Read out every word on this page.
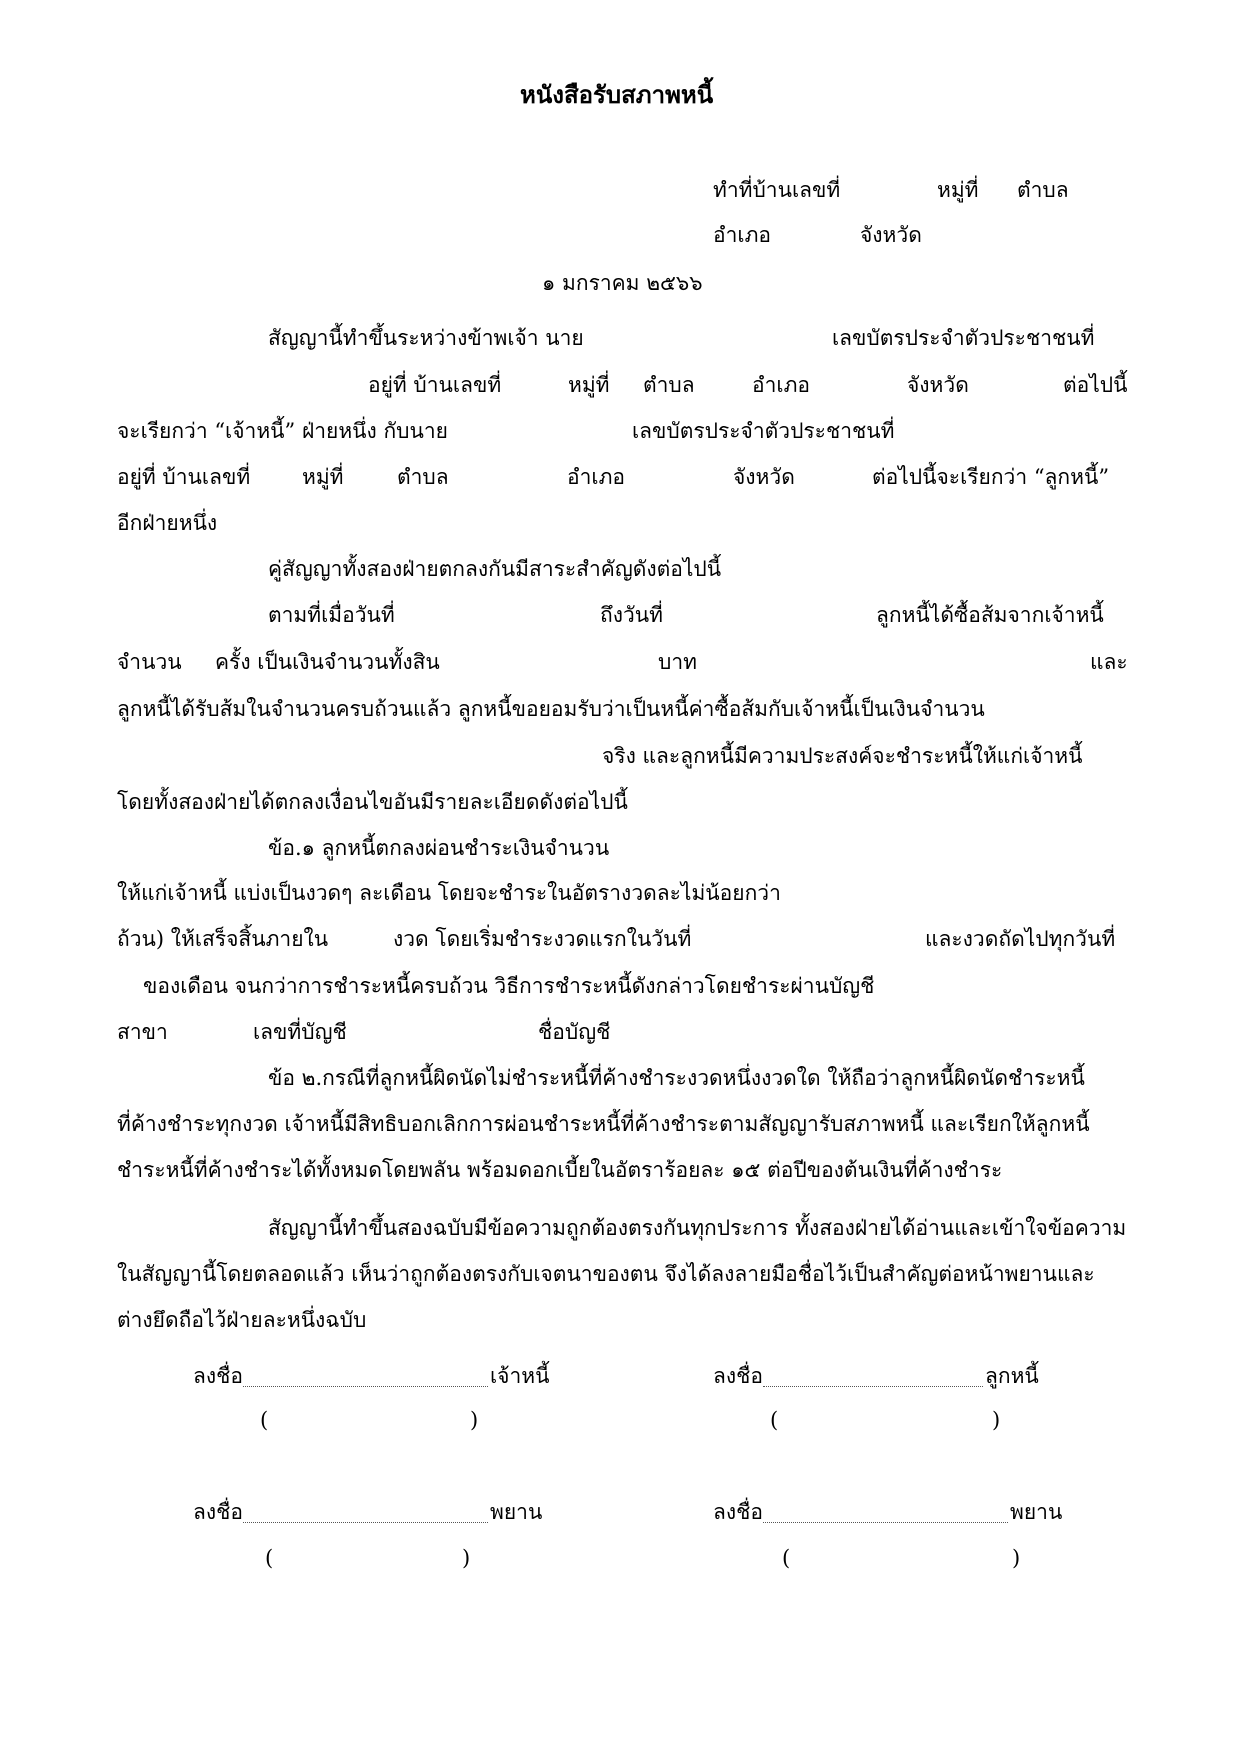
หนังสือรับสภาพหนี้
ทำที่บ้านเลขที่	หมู่ที่ ตำบล
อำเภอ	จังหวัด
๑ มกราคม ๒๕๖๖
สัญญานี้ทำขึ้นระหว่างข้าพเจ้า นาย	เลขบัตรประจำตัวประชาชนที่
อยู่ที่ บ้านเลขที่	หมู่ที่ ตำบล	อำเภอ	จังหวัด	ต่อไปนี้
จะเรียกว่า “เจ้าหนี้” ฝ่ายหนึ่ง กับนาย	เลขบัตรประจำตัวประชาชนที่
อยู่ที่ บ้านเลขที่ หมู่ที่	ตำบล	อำเภอ	จังหวัด	ต่อไปนี้จะเรียกว่า “ลูกหนี้”
อีกฝ่ายหนึ่ง
คู่สัญญาทั้งสองฝ่ายตกลงกันมีสาระสำคัญดังต่อไปนี้
ตามที่เมื่อวันที่	ถึงวันที่	ลูกหนี้ได้ซื้อส้มจากเจ้าหนี้
จำนวน ครั้ง เป็นเงินจำนวนทั้งสิน	บาท	และ
ลูกหนี้ได้รับส้มในจำนวนครบถ้วนแล้ว ลูกหนี้ขอยอมรับว่าเป็นหนี้ค่าซื้อส้มกับเจ้าหนี้เป็นเงินจำนวน
จริง และลูกหนี้มีความประสงค์จะชำระหนี้ให้แก่เจ้าหนี้
โดยทั้งสองฝ่ายได้ตกลงเงื่อนไขอันมีรายละเอียดดังต่อไปนี้
ข้อ.๑ ลูกหนี้ตกลงผ่อนชำระเงินจำนวน
ให้แก่เจ้าหนี้ แบ่งเป็นงวดๆ ละเดือน โดยจะชำระในอัตรางวดละไม่น้อยกว่า
ถ้วน) ให้เสร็จสิ้นภายใน	งวด โดยเริ่มชำระงวดแรกในวันที่	และงวดถัดไปทุกวันที่
ของเดือน จนกว่าการชำระหนี้ครบถ้วน วิธีการชำระหนี้ดังกล่าวโดยชำระผ่านบัญชี
สาขา	เลขที่บัญชี	ชื่อบัญชี
ข้อ ๒.กรณีที่ลูกหนี้ผิดนัดไม่ชำระหนี้ที่ค้างชำระงวดหนึ่งงวดใด ให้ถือว่าลูกหนี้ผิดนัดชำระหนี้
ที่ค้างชำระทุกงวด เจ้าหนี้มีสิทธิบอกเลิกการผ่อนชำระหนี้ที่ค้างชำระตามสัญญารับสภาพหนี้ และเรียกให้ลูกหนี้
ชำระหนี้ที่ค้างชำระได้ทั้งหมดโดยพลัน พร้อมดอกเบี้ยในอัตราร้อยละ ๑๕ ต่อปีของต้นเงินที่ค้างชำระ
สัญญานี้ทำขึ้นสองฉบับมีข้อความถูกต้องตรงกันทุกประการ ทั้งสองฝ่ายได้อ่านและเข้าใจข้อความ
ในสัญญานี้โดยตลอดแล้ว เห็นว่าถูกต้องตรงกับเจตนาของตน จึงได้ลงลายมือชื่อไว้เป็นสำคัญต่อหน้าพยานและ
ต่างยึดถือไว้ฝ่ายละหนึ่งฉบับ
ลงชื่อ	เจ้าหนี้	ลงชื่อ	ลูกหนี้
(	)	(	)
ลงชื่อ	พยาน	ลงชื่อ	พยาน
(	)	(	)
